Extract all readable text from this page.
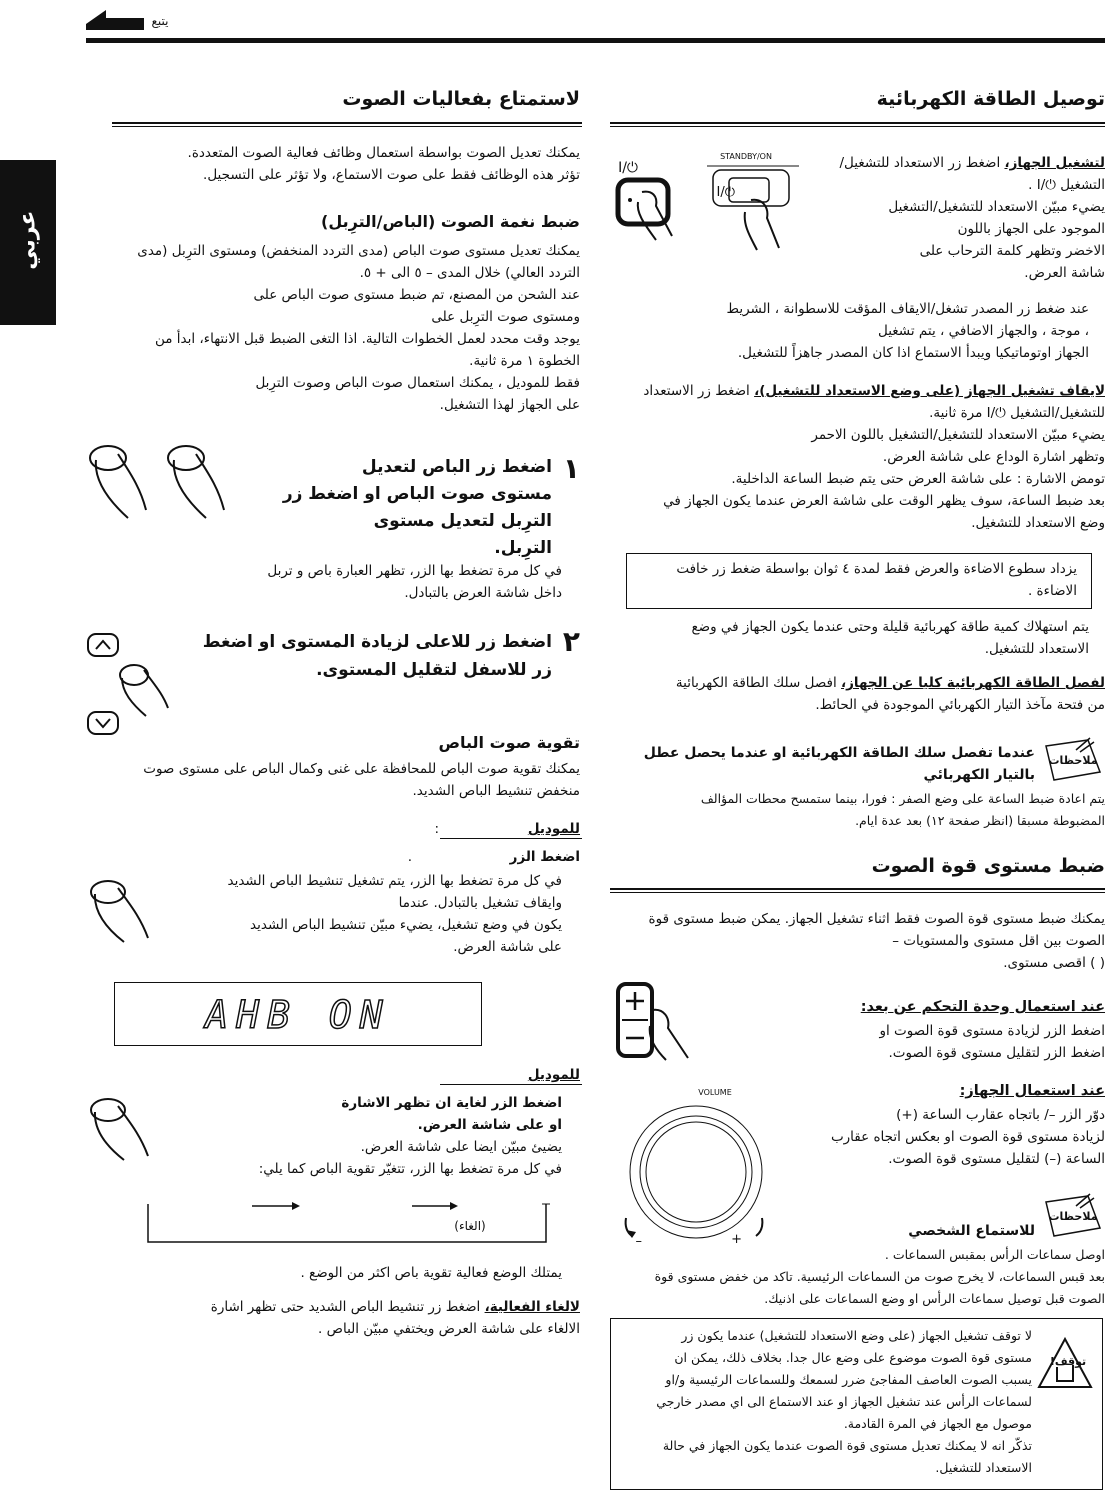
يتبع
عربي
لاستمتاع بفعاليات الصوت
يمكنك تعديل الصوت بواسطة استعمال وظائف فعالية الصوت المتعددة.
تؤثر هذه الوظائف فقط على صوت الاستماع، ولا تؤثر على التسجيل.
ضبط نغمة الصوت (الباص/الترِبل)
يمكنك تعديل مستوى صوت الباص (مدى التردد المنخفض) ومستوى الترِبل (مدى
التردد العالي) خلال المدى – ٥ الى + ٥.
عند الشحن من المصنع، تم ضبط مستوى صوت الباص على
ومستوى صوت الترِبل على
يوجد وقت محدد لعمل الخطوات التالية. اذا التغى الضبط قبل الانتهاء، ابدأ من
الخطوة ١ مرة ثانية.
فقط للموديل ، يمكنك استعمال صوت الباص وصوت الترِبل
على الجهاز لهذا التشغيل.
١
اضغط زر الباص لتعديل
مستوى صوت الباص او اضغط زر
الترِبل لتعديل مستوى
الترِبل.
في كل مرة تضغط بها الزر، تظهر العبارة باص و تربل
داخل شاشة العرض بالتبادل.
٢
اضغط زر للاعلى لزيادة المستوى او اضغط
زر للاسفل لتقليل المستوى.
تقوية صوت الباص
يمكنك تقوية صوت الباص للمحافظة على غنى وكمال الباص على مستوى صوت
منخفض تنشيط الباص الشديد.
للموديل
:
اضغط الزر
.
في كل مرة تضغط بها الزر، يتم تشغيل تنشيط الباص الشديد
وايقاف تشغيل بالتبادل. عندما
يكون في وضع تشغيل، يضيء مبيّن تنشيط الباص الشديد
على شاشة العرض.
AHB ON
للموديل
اضغط الزر لغاية ان تظهر الاشارة
او على شاشة العرض.
يضيئ مبيّن ايضا على شاشة العرض.
في كل مرة تضغط بها الزر، تتغيّر تقوية الباص كما يلي:
(الغاء)
يمتلك الوضع فعالية تقوية باص اكثر من الوضع .
لالغاء الفعالية، اضغط زر تنشيط الباص الشديد حتى تظهر اشارة
الالغاء على شاشة العرض ويختفي مبيّن الباص .
توصيل الطاقة الكهربائية
⏻/I
STANDBY/ON
⏻/I
لتشغيل الجهاز، اضغط زر الاستعداد للتشغيل/
التشغيل ⏻/I .
يضيء مبيّن الاستعداد للتشغيل/التشغيل
الموجود على الجهاز باللون
الاخضر وتظهر كلمة الترحاب على
شاشة العرض.
عند ضغط زر المصدر تشغل/الايقاف المؤقت للاسطوانة ، الشريط
، موجة ، والجهاز الاضافي ، يتم تشغيل
الجهاز اوتوماتيكيا ويبدأ الاستماع اذا كان المصدر جاهزاً للتشغيل.
لايقاف تشغيل الجهاز (على وضع الاستعداد للتشغيل)، اضغط زر الاستعداد
للتشغيل/التشغيل ⏻/I مرة ثانية.
يضيء مبيّن الاستعداد للتشغيل/التشغيل باللون الاحمر
وتظهر اشارة الوداع على شاشة العرض.
تومض الاشارة : على شاشة العرض حتى يتم ضبط الساعة الداخلية.
بعد ضبط الساعة، سوف يظهر الوقت على شاشة العرض عندما يكون الجهاز في
وضع الاستعداد للتشغيل.
يزداد سطوع الاضاءة والعرض فقط لمدة ٤ ثوان بواسطة ضغط زر خافت
الاضاءة .
يتم استهلاك كمية طاقة كهربائية قليلة وحتى عندما يكون الجهاز في وضع
الاستعداد للتشغيل.
لفصل الطاقة الكهربائية كليا عن الجهاز، افصل سلك الطاقة الكهربائية
من فتحة مآخذ التيار الكهربائي الموجودة في الحائط.
ملاحظات
عندما تفصل سلك الطاقة الكهربائية او عندما يحصل عطل
بالتيار الكهربائي
يتم اعادة ضبط الساعة على وضع الصفر : فورا، بينما ستمسح محطات المؤالف
المضبوطة مسبقا (انظر صفحة ١٢) بعد عدة ايام.
ضبط مستوى قوة الصوت
يمكنك ضبط مستوى قوة الصوت فقط اثناء تشغيل الجهاز. يمكن ضبط مستوى قوة
الصوت بين اقل مستوى والمستويات –
( ) اقصى مستوى.
عند استعمال وحدة التحكم عن بعد:
اضغط الزر لزيادة مستوى قوة الصوت او
اضغط الزر لتقليل مستوى قوة الصوت.
عند استعمال الجهاز:
دوّر الزر –/ باتجاه عقارب الساعة (+)
لزيادة مستوى قوة الصوت او بعكس اتجاه عقارب
الساعة (–) لتقليل مستوى قوة الصوت.
VOLUME
–	+
ملاحظات
للاستماع الشخصي
اوصل سماعات الرأس بمقبس السماعات .
بعد قبس السماعات، لا يخرج صوت من السماعات الرئيسية. تاكد من خفض مستوى قوة
الصوت قبل توصيل سماعات الرأس او وضع السماعات على اذنيك.
توقف!
لا توقف تشغيل الجهاز (على وضع الاستعداد للتشغيل) عندما يكون زر
مستوى قوة الصوت موضوع على وضع عال جدا. بخلاف ذلك، يمكن ان
يسبب الصوت العاصف المفاجئ ضرر لسمعك وللسماعات الرئيسية و/او
لسماعات الرأس عند تشغيل الجهاز او عند الاستماع الى اي مصدر خارجي
موصول مع الجهاز في المرة القادمة.
تذكّر انه لا يمكنك تعديل مستوى قوة الصوت عندما يكون الجهاز في حالة
الاستعداد للتشغيل.
